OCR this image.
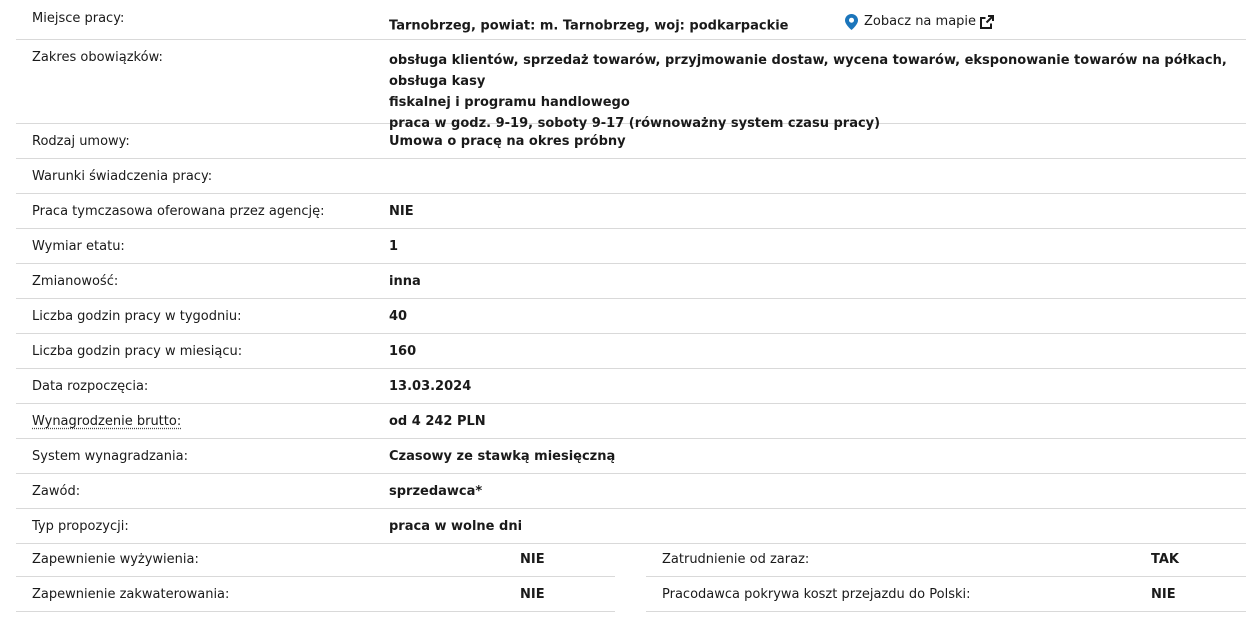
Miejsce pracy:	Tarnobrzeg, powiat: m. Tarnobrzeg, woj: podkarpackie	Zobacz na mapie
Zakres obowiązków:	obsługa klientów, sprzedaż towarów, przyjmowanie dostaw, wycena towarów, eksponowanie towarów na półkach, obsługa kasy
fiskalnej i programu handlowego
praca w godz. 9-19, soboty 9-17 (równoważny system czasu pracy)
Rodzaj umowy:	Umowa o pracę na okres próbny
Warunki świadczenia pracy:
Praca tymczasowa oferowana przez agencję:	NIE
Wymiar etatu:	1
Zmianowość:	inna
Liczba godzin pracy w tygodniu:	40
Liczba godzin pracy w miesiącu:	160
Data rozpoczęcia:	13.03.2024
Wynagrodzenie brutto:	od 4 242 PLN
System wynagradzania:	Czasowy ze stawką miesięczną
Zawód:	sprzedawca*
Typ propozycji:	praca w wolne dni
Zapewnienie wyżywienia:	NIE	Zatrudnienie od zaraz:	TAK
Zapewnienie zakwaterowania:	NIE	Pracodawca pokrywa koszt przejazdu do Polski:	NIE
